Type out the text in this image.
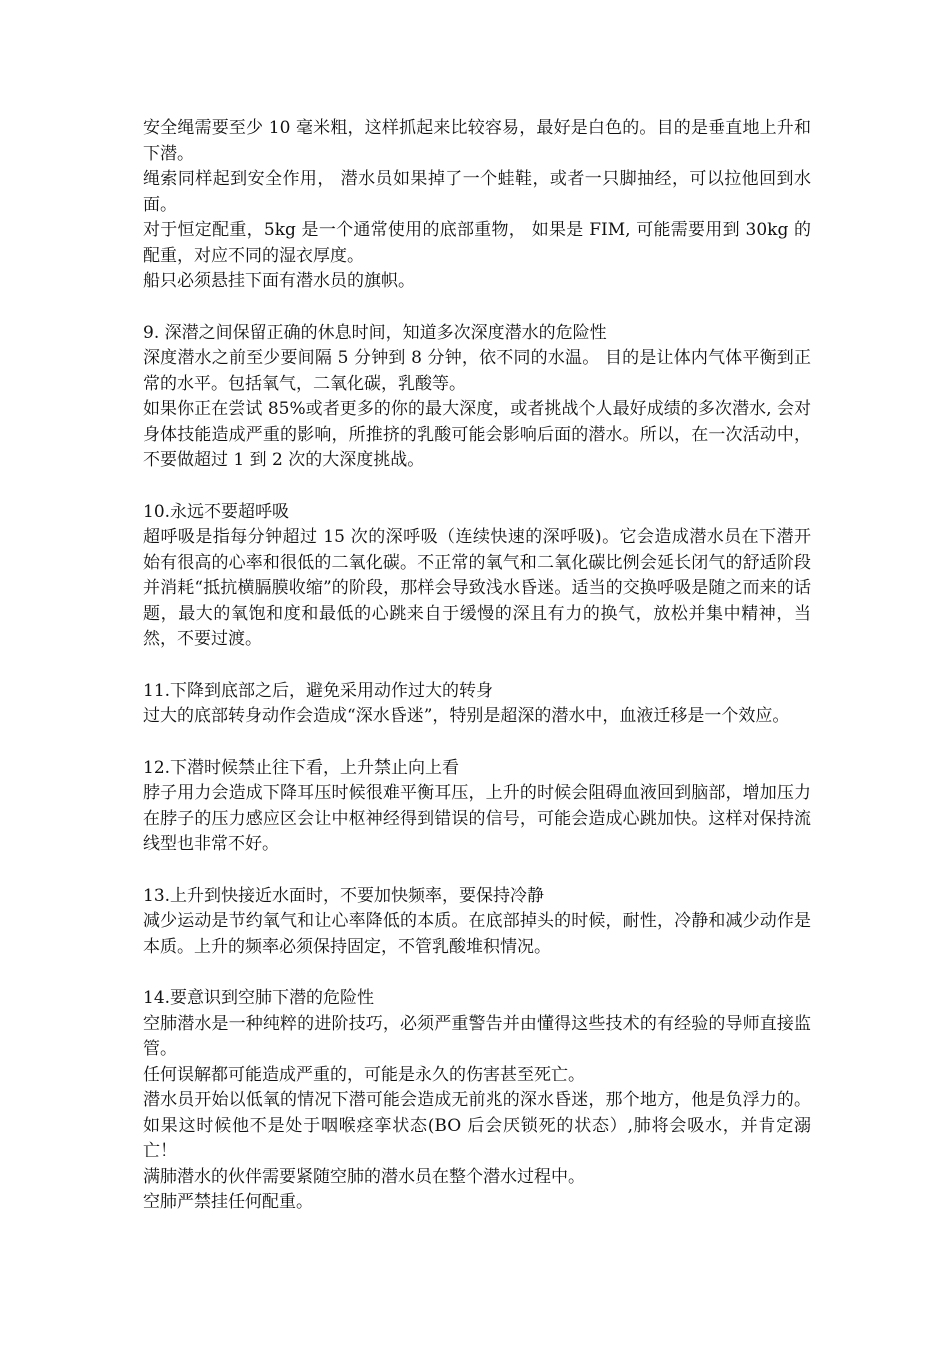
安全绳需要至少 10 毫米粗，这样抓起来比较容易，最好是白色的。目的是垂直地上升和下潜。

绳索同样起到安全作用， 潜水员如果掉了一个蛙鞋，或者一只脚抽经，可以拉他回到水面。

对于恒定配重，5kg 是一个通常使用的底部重物， 如果是 FIM, 可能需要用到 30kg 的配重，对应不同的湿衣厚度。

船只必须悬挂下面有潜水员的旗帜。

9. 深潜之间保留正确的休息时间，知道多次深度潜水的危险性

深度潜水之前至少要间隔 5 分钟到 8 分钟，依不同的水温。 目的是让体内气体平衡到正常的水平。包括氧气，二氧化碳，乳酸等。

如果你正在尝试 85%或者更多的你的最大深度，或者挑战个人最好成绩的多次潜水, 会对身体技能造成严重的影响，所推挤的乳酸可能会影响后面的潜水。所以，在一次活动中，不要做超过 1 到 2 次的大深度挑战。

10.永远不要超呼吸

超呼吸是指每分钟超过 15 次的深呼吸（连续快速的深呼吸)。它会造成潜水员在下潜开始有很高的心率和很低的二氧化碳。不正常的氧气和二氧化碳比例会延长闭气的舒适阶段并消耗“抵抗横膈膜收缩”的阶段，那样会导致浅水昏迷。适当的交换呼吸是随之而来的话题，最大的氧饱和度和最低的心跳来自于缓慢的深且有力的换气，放松并集中精神，当然，不要过渡。

11.下降到底部之后，避免采用动作过大的转身

过大的底部转身动作会造成“深水昏迷”，特别是超深的潜水中，血液迁移是一个效应。

12.下潜时候禁止往下看，上升禁止向上看

脖子用力会造成下降耳压时候很难平衡耳压，上升的时候会阻碍血液回到脑部，增加压力在脖子的压力感应区会让中枢神经得到错误的信号，可能会造成心跳加快。这样对保持流线型也非常不好。

13.上升到快接近水面时，不要加快频率，要保持冷静

减少运动是节约氧气和让心率降低的本质。在底部掉头的时候，耐性，冷静和减少动作是本质。上升的频率必须保持固定，不管乳酸堆积情况。

14.要意识到空肺下潜的危险性

空肺潜水是一种纯粹的进阶技巧，必须严重警告并由懂得这些技术的有经验的导师直接监管。

任何误解都可能造成严重的，可能是永久的伤害甚至死亡。

潜水员开始以低氧的情况下潜可能会造成无前兆的深水昏迷，那个地方，他是负浮力的。如果这时候他不是处于咽喉痉挛状态(BO 后会厌锁死的状态）,肺将会吸水，并肯定溺亡！

满肺潜水的伙伴需要紧随空肺的潜水员在整个潜水过程中。

空肺严禁挂任何配重。
